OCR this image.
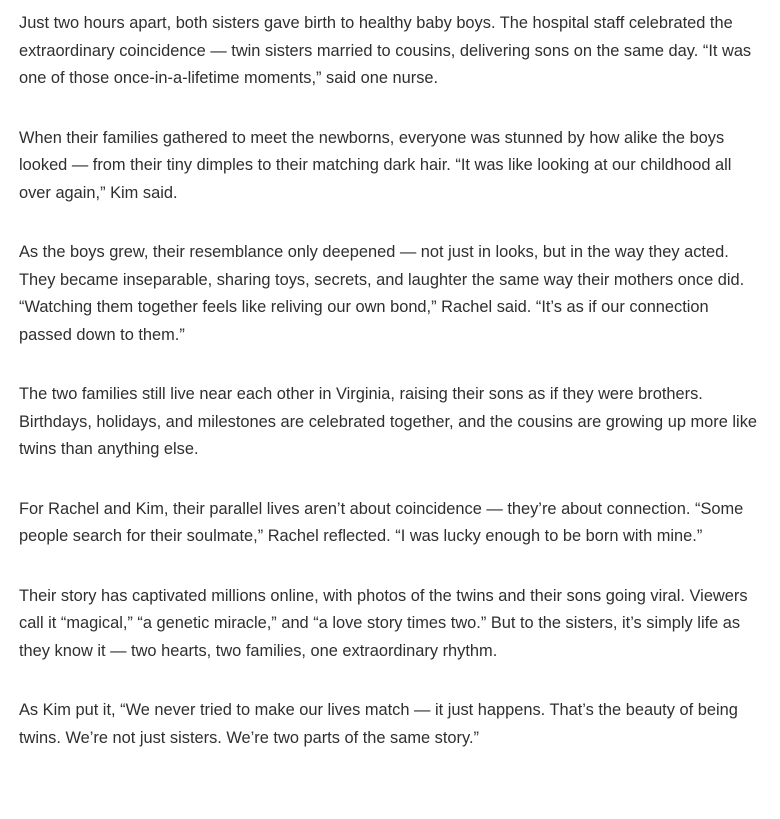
Just two hours apart, both sisters gave birth to healthy baby boys. The hospital staff celebrated the extraordinary coincidence — twin sisters married to cousins, delivering sons on the same day. “It was one of those once-in-a-lifetime moments,” said one nurse.

When their families gathered to meet the newborns, everyone was stunned by how alike the boys looked — from their tiny dimples to their matching dark hair. “It was like looking at our childhood all over again,” Kim said.

As the boys grew, their resemblance only deepened — not just in looks, but in the way they acted. They became inseparable, sharing toys, secrets, and laughter the same way their mothers once did. “Watching them together feels like reliving our own bond,” Rachel said. “It’s as if our connection passed down to them.”

The two families still live near each other in Virginia, raising their sons as if they were brothers. Birthdays, holidays, and milestones are celebrated together, and the cousins are growing up more like twins than anything else.

For Rachel and Kim, their parallel lives aren’t about coincidence — they’re about connection. “Some people search for their soulmate,” Rachel reflected. “I was lucky enough to be born with mine.”

Their story has captivated millions online, with photos of the twins and their sons going viral. Viewers call it “magical,” “a genetic miracle,” and “a love story times two.” But to the sisters, it’s simply life as they know it — two hearts, two families, one extraordinary rhythm.

As Kim put it, “We never tried to make our lives match — it just happens. That’s the beauty of being twins. We’re not just sisters. We’re two parts of the same story.”
